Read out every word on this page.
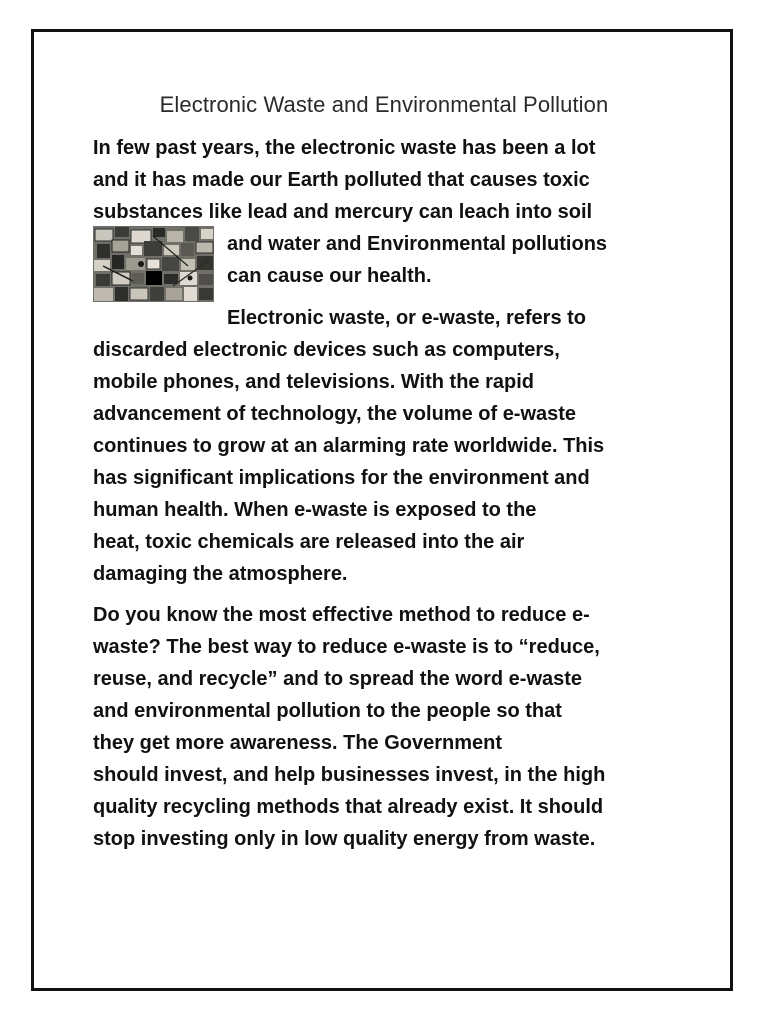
Electronic Waste and Environmental Pollution

In few past years, the electronic waste has been a lot

and it has made our Earth polluted that causes toxic

substances like lead and mercury can leach into soil

and water and Environmental pollutions

can cause our health.

Electronic waste, or e-waste, refers to

discarded electronic devices such as computers,

mobile phones, and televisions. With the rapid

advancement of technology, the volume of e-waste

continues to grow at an alarming rate worldwide. This

has significant implications for the environment and

human health. When e-waste is exposed to the

heat, toxic chemicals are released into the air

damaging the atmosphere.

Do you know the most effective method to reduce e-

waste? The best way to reduce e-waste is to “reduce,

reuse, and recycle” and to spread the word e-waste

and environmental pollution to the people so that

they get more awareness. The Government

should invest, and help businesses invest, in the high

quality recycling methods that already exist. It should

stop investing only in low quality energy from waste.
